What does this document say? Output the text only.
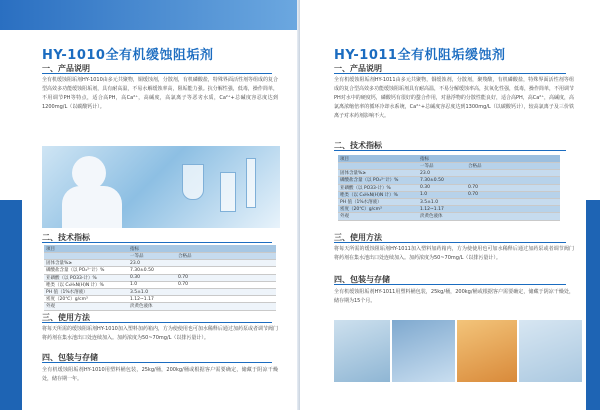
HY-1010全有机缓蚀阻垢剂
一、产品说明
全有机缓蚀阻垢剂HY-1010由多元共聚物，铜缓蚀剂，分散剂，有机磷酸盐，特殊界面活性剂等组成的复合型高效多功能缓蚀阻垢剂，具有耐高温，不易水解缓蚀率高，阻垢能力强。抗分解性强，低毒，操作简单，不用调节PH等特点，适合高PH，高Ca²⁺，高碱度，高氯离子等恶劣水质，Ca²⁺+总碱度容忍度达到1200mg/L（以碳酸钙计）。
二、技术指标
项目	指标	
	一等品	合格品
固体含量%≥	23.0	
磷酸盐含量（以 PO₄³⁻计）%	7.30±0.50	
亚磷酸（以 PO33-计）%	0.30	0.70
唑类（以 C₆H₅N(H)N 计）%	1.0	0.70
PH 值（1%水溶液）	3.5±1.0	
密度（20℃）g/cm³	1.12~1.17	
外观	淡黄色液体	
三、使用方法
将每天所需的缓蚀阻垢剂HY-1010加入塑料加药箱内，方为使使用也可加水稀释后通过加药泵或者调节阀门将药剂在集水池出口处连续加入。加药浓度为50~70mg/L（以排污量计）。
四、包装与存储
全有机缓蚀阻垢剂HY-1010用塑料桶包装，25kg/桶，200kg/桶或根据客户需要确定，储藏于阴凉干燥处，储存期一年。
HY-1011全有机阻垢缓蚀剂
一、产品说明
全有机缓蚀阻垢剂HY-1011由多元共聚物，铜缓蚀剂，分散剂，聚羧酸，有机磷酸盐，特殊界面活性剂等组成的复合型高效多功能缓蚀阻垢剂具有耐高温，不易分解缓蚀率高，抗氧化性强，低毒，操作简单，不用调节PH对水中的硬度钙，磷酸钙有很好的螯合作用，对悬浮物的分散性能良好，适合高PH，高Ca²⁺，高碱度，高氯离浓缩倍率的循环冷却水系统，Ca²⁺+总碱度容忍度达到1300mg/L（以碳酸钙计），较高氯离子及三价铁离子对本药剂影响不大。
二、技术指标
项目	指标	
	一等品	合格品
固体含量%≥	23.0	
磷酸盐含量（以 PO₄³⁻计）%	7.30±0.50	
亚磷酸（以 PO33-计）%	0.30	0.70
唑类（以 C₆H₅N(H)N 计）%	1.0	0.70
PH 值（1%水溶液）	3.5±1.0	
密度（20℃）g/cm³	1.12~1.17	
外观	淡黄色液体	
三、使用方法
将每天所需的缓蚀阻垢剂HY-1011加入塑料加药箱内，方为使使用也可加水稀释后通过加药泵或者调节阀门将药剂在集水池出口处连续加入。加药浓度为50~70mg/L（以排污量计）。
四、包装与存储
全有机缓蚀阻垢剂HY-1011用塑料桶包装，25kg/桶，200kg/桶或根据客户需要确定，储藏于阴凉干燥处，储存期为15个月。
